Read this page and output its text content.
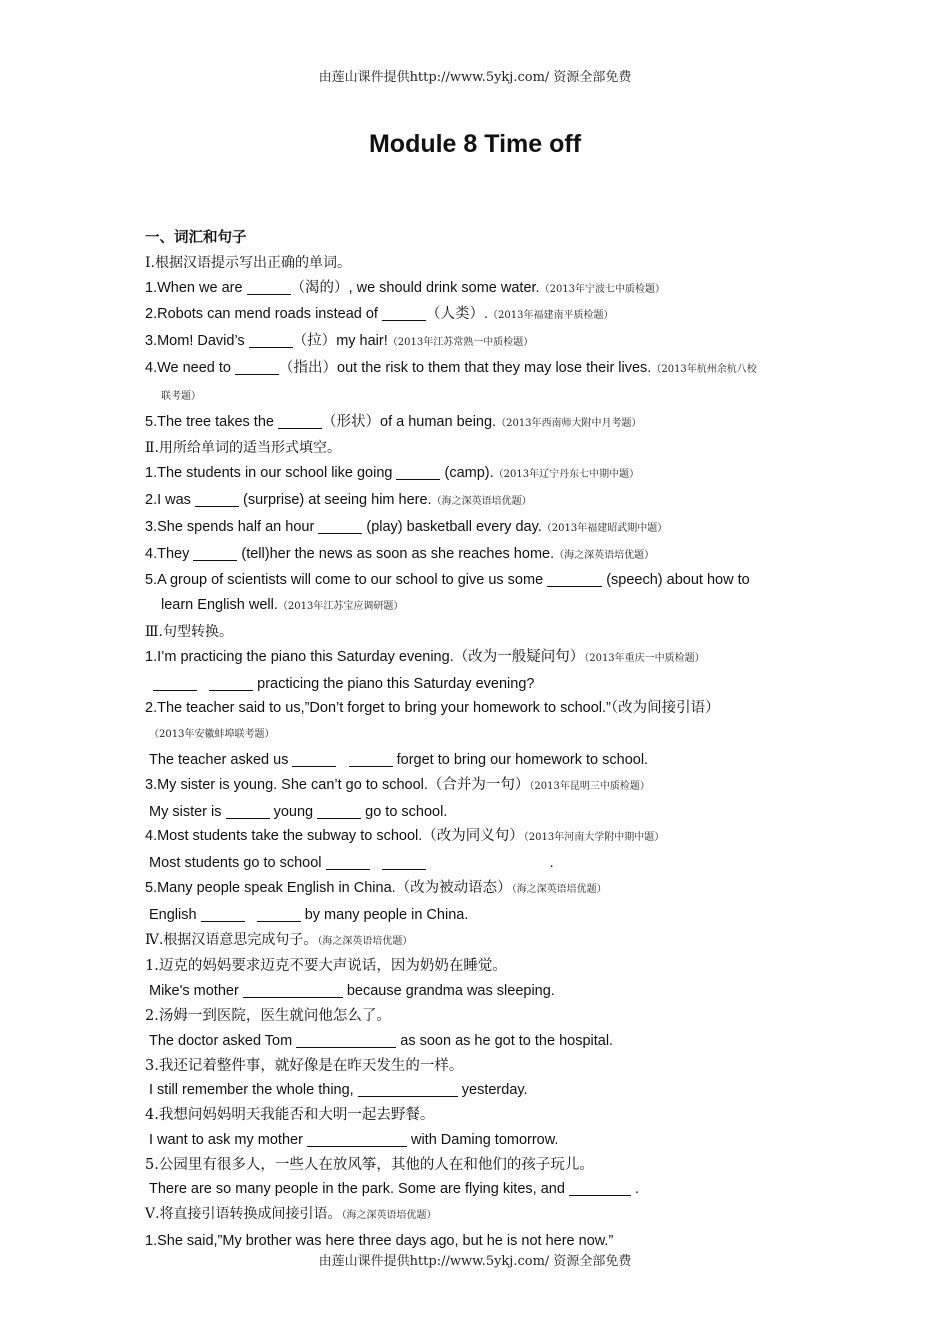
由莲山课件提供http://www.5ykj.com/ 资源全部免费
Module 8 Time off
一、词汇和句子
Ⅰ.根据汉语提示写出正确的单词。
1.When we are	（渴的）, we should drink some water.（2013年宁波七中质检题）
2.Robots can mend roads instead of	（人类）.（2013年福建南平质检题）
3.Mom! David’s	（拉）my hair!（2013年江苏常熟一中质检题）
4.We need to	（指出）out the risk to them that they may lose their lives.（2013年杭州余杭八校
联考题）
5.The tree takes the	（形状）of a human being.（2013年西南师大附中月考题）
Ⅱ.用所给单词的适当形式填空。
1.The students in our school like going	(camp).（2013年辽宁丹东七中期中题）
2.I was	(surprise) at seeing him here.（海之深英语培优题）
3.She spends half an hour	(play) basketball every day.（2013年福建昭武期中题）
4.They	(tell)her the news as soon as she reaches home.（海之深英语培优题）
5.A group of scientists will come to our school to give us some	(speech) about how to
learn English well.（2013年江苏宝应调研题）
Ⅲ.句型转换。
1.I’m practicing the piano this Saturday evening.（改为一般疑问句）（2013年重庆一中质检题）
practicing the piano this Saturday evening?
2.The teacher said to us,”Don’t forget to bring your homework to school.”（改为间接引语）
（2013年安徽蚌埠联考题）
The teacher asked us	forget to bring our homework to school.
3.My sister is young. She can’t go to school.（合并为一句）（2013年昆明三中质检题）
My sister is	young	go to school.
4.Most students take the subway to school.（改为同义句）（2013年河南大学附中期中题）
Most students go to school	.
5.Many people speak English in China.（改为被动语态）（海之深英语培优题）
English	by many people in China.
Ⅳ.根据汉语意思完成句子。（海之深英语培优题）
1.迈克的妈妈要求迈克不要大声说话，因为奶奶在睡觉。
Mike's mother	because grandma was sleeping.
2.汤姆一到医院，医生就问他怎么了。
The doctor asked Tom	as soon as he got to the hospital.
3.我还记着整件事，就好像是在昨天发生的一样。
I still remember the whole thing,	yesterday.
4.我想问妈妈明天我能否和大明一起去野餐。
I want to ask my mother	with Daming tomorrow.
5.公园里有很多人，一些人在放风筝，其他的人在和他们的孩子玩儿。
There are so many people in the park. Some are flying kites, and	.
Ⅴ.将直接引语转换成间接引语。（海之深英语培优题）
1.She said,”My brother was here three days ago, but he is not here now.”
由莲山课件提供http://www.5ykj.com/ 资源全部免费
